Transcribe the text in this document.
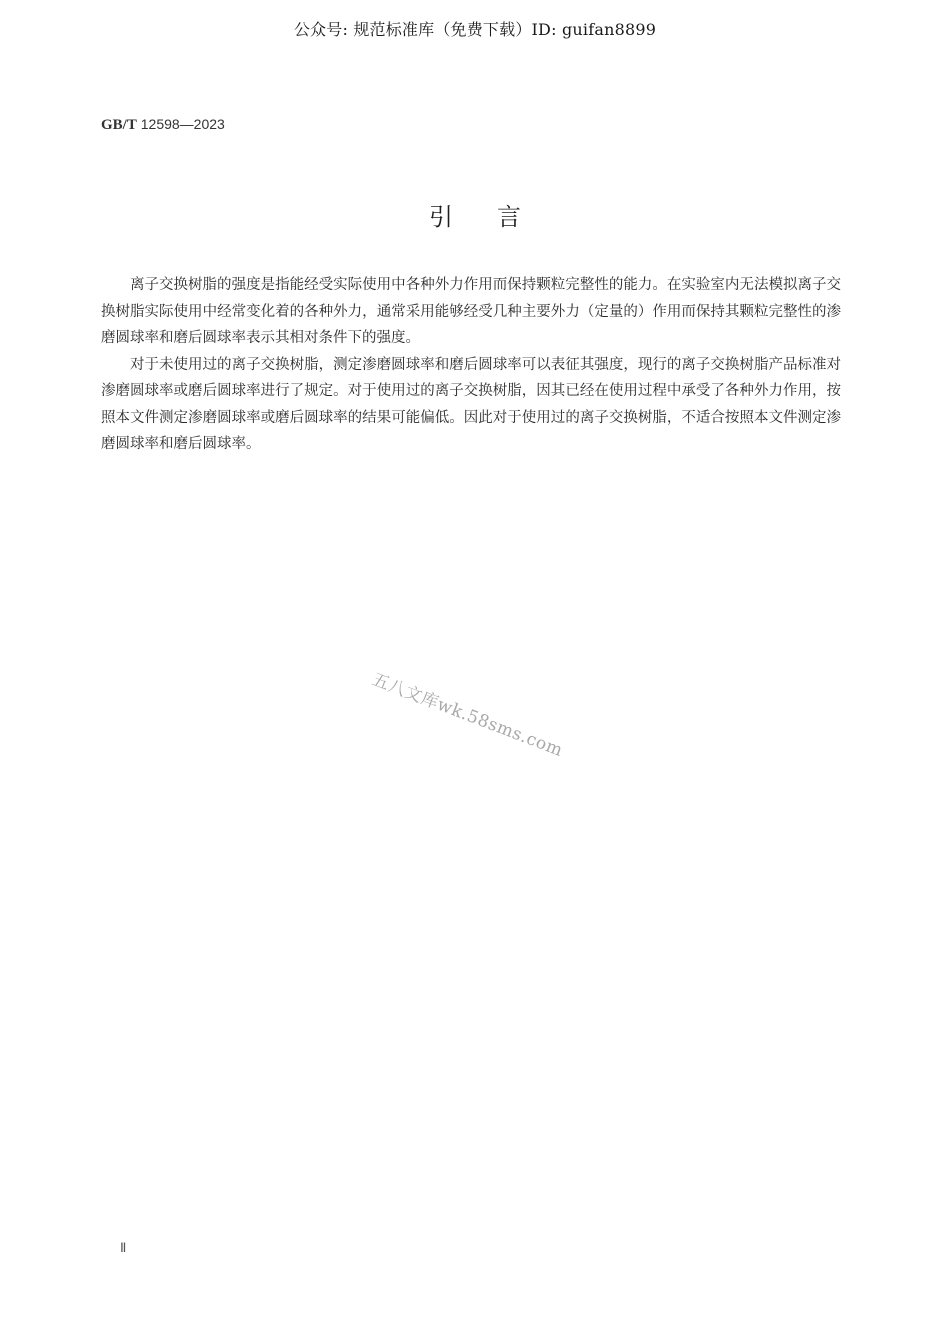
公众号: 规范标准库（免费下载）ID: guifan8899
GB/T 12598—2023
引言

离子交换树脂的强度是指能经受实际使用中各种外力作用而保持颗粒完整性的能力。在实验室内无法模拟离子交换树脂实际使用中经常变化着的各种外力，通常采用能够经受几种主要外力（定量的）作用而保持其颗粒完整性的渗磨圆球率和磨后圆球率表示其相对条件下的强度。

对于未使用过的离子交换树脂，测定渗磨圆球率和磨后圆球率可以表征其强度，现行的离子交换树脂产品标准对渗磨圆球率或磨后圆球率进行了规定。对于使用过的离子交换树脂，因其已经在使用过程中承受了各种外力作用，按照本文件测定渗磨圆球率或磨后圆球率的结果可能偏低。因此对于使用过的离子交换树脂，不适合按照本文件测定渗磨圆球率和磨后圆球率。

五八文库wk.58sms.com
Ⅱ
